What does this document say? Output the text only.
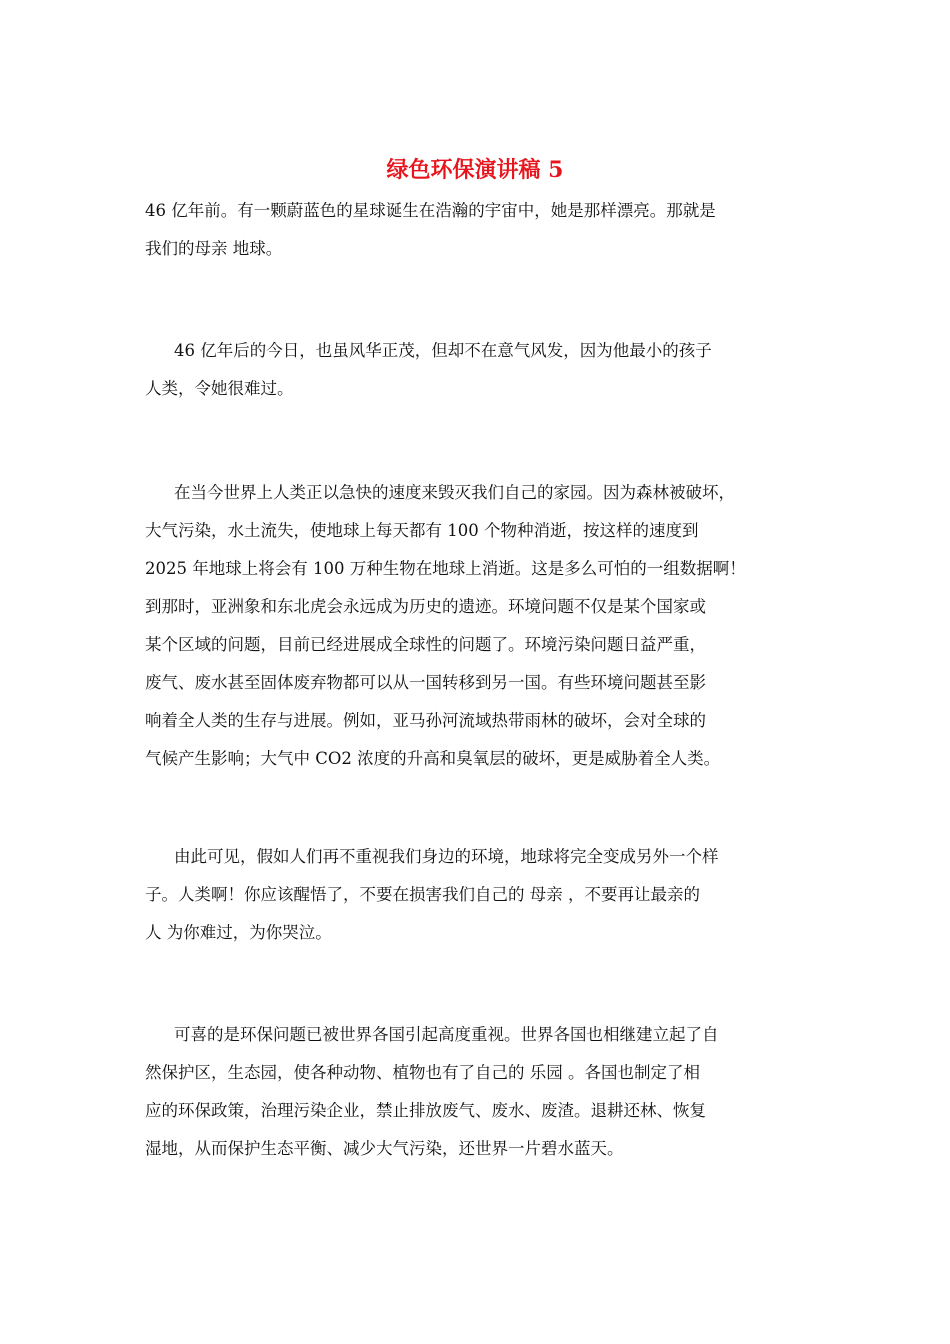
绿色环保演讲稿 5

46 亿年前。有一颗蔚蓝色的星球诞生在浩瀚的宇宙中，她是那样漂亮。那就是
我们的母亲 地球。

46 亿年后的今日，也虽风华正茂，但却不在意气风发，因为他最小的孩子
人类，令她很难过。

在当今世界上人类正以急快的速度来毁灭我们自己的家园。因为森林被破坏，
大气污染，水土流失，使地球上每天都有 100 个物种消逝，按这样的速度到
2025 年地球上将会有 100 万种生物在地球上消逝。这是多么可怕的一组数据啊！
到那时，亚洲象和东北虎会永远成为历史的遗迹。环境问题不仅是某个国家或
某个区域的问题，目前已经进展成全球性的问题了。环境污染问题日益严重，
废气、废水甚至固体废弃物都可以从一国转移到另一国。有些环境问题甚至影
响着全人类的生存与进展。例如，亚马孙河流域热带雨林的破坏，会对全球的
气候产生影响；大气中 CO2 浓度的升高和臭氧层的破坏，更是威胁着全人类。

由此可见，假如人们再不重视我们身边的环境，地球将完全变成另外一个样
子。人类啊！你应该醒悟了，不要在损害我们自己的 母亲 ，不要再让最亲的
人 为你难过，为你哭泣。

可喜的是环保问题已被世界各国引起高度重视。世界各国也相继建立起了自
然保护区，生态园，使各种动物、植物也有了自己的 乐园 。各国也制定了相
应的环保政策，治理污染企业，禁止排放废气、废水、废渣。退耕还林、恢复
湿地，从而保护生态平衡、减少大气污染，还世界一片碧水蓝天。
